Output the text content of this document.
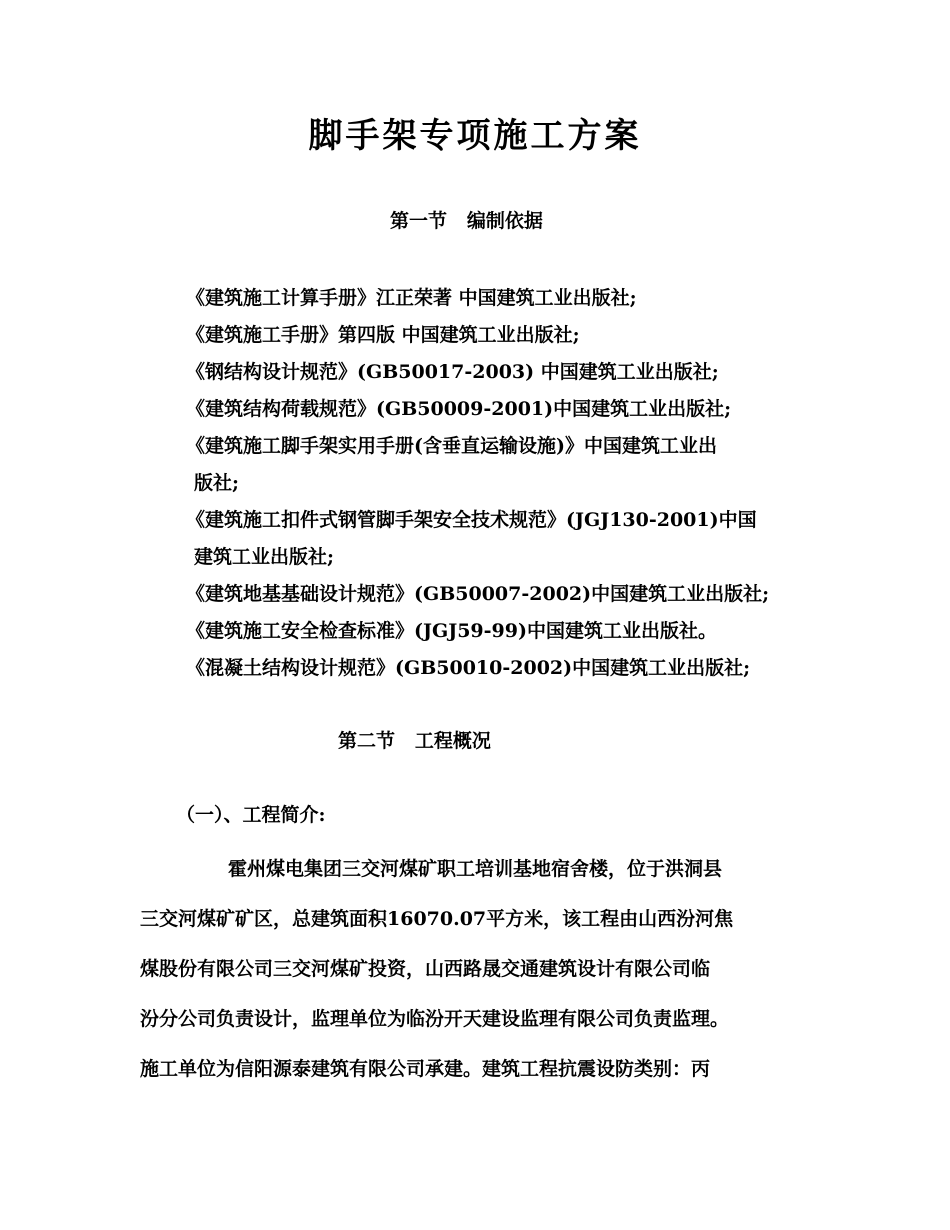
脚手架专项施工方案
第一节   编制依据
《建筑施工计算手册》江正荣著 中国建筑工业出版社;
《建筑施工手册》第四版 中国建筑工业出版社;
《钢结构设计规范》(GB50017-2003) 中国建筑工业出版社;
《建筑结构荷载规范》(GB50009-2001)中国建筑工业出版社;
《建筑施工脚手架实用手册(含垂直运输设施)》中国建筑工业出
版社;
《建筑施工扣件式钢管脚手架安全技术规范》(JGJ130-2001)中国
建筑工业出版社;
《建筑地基基础设计规范》(GB50007-2002)中国建筑工业出版社;
《建筑施工安全检查标准》(JGJ59-99)中国建筑工业出版社。
《混凝土结构设计规范》(GB50010-2002)中国建筑工业出版社;
第二节   工程概况
（一）、工程简介:

霍州煤电集团三交河煤矿职工培训基地宿舍楼，位于洪洞县
三交河煤矿矿区，总建筑面积16070.07平方米，该工程由山西汾河焦
煤股份有限公司三交河煤矿投资，山西路晟交通建筑设计有限公司临
汾分公司负责设计，监理单位为临汾开天建设监理有限公司负责监理。
施工单位为信阳源泰建筑有限公司承建。建筑工程抗震设防类别：丙
